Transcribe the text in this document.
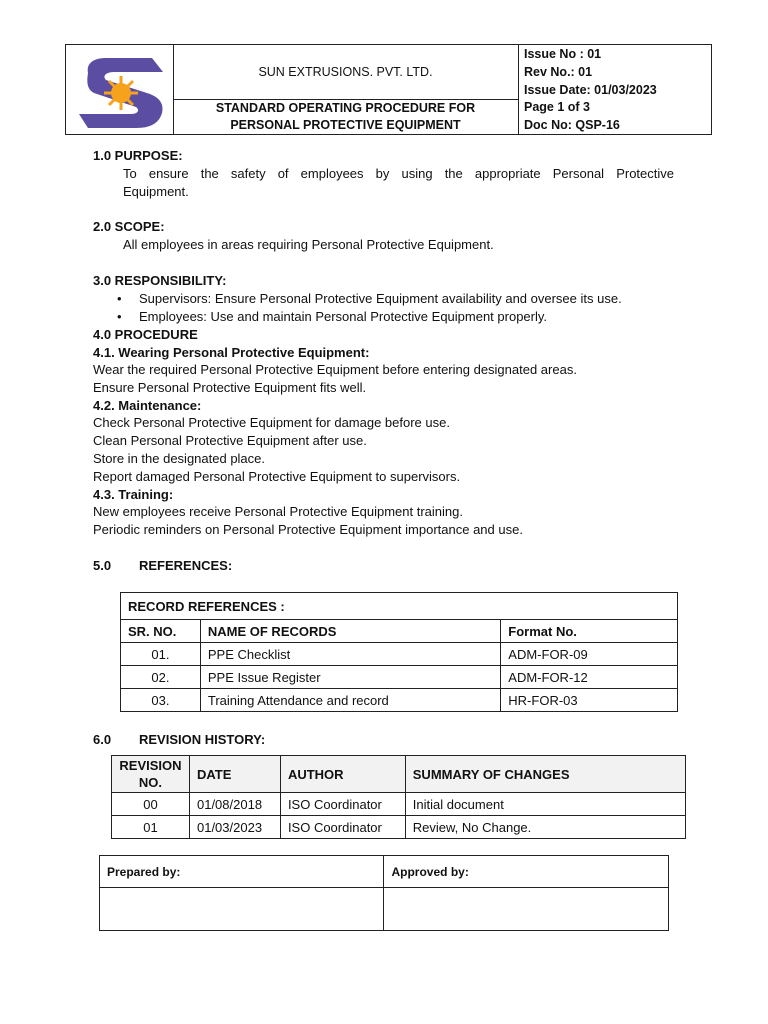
SUN EXTRUSIONS. PVT. LTD.
STANDARD OPERATING PROCEDURE FOR
PERSONAL PROTECTIVE EQUIPMENT
Issue No : 01
Rev No.: 01
Issue Date: 01/03/2023
Page 1 of 3
Doc No: QSP-16
1.0 PURPOSE:
To ensure the safety of employees by using the appropriate Personal Protective
Equipment.
2.0 SCOPE:
All employees in areas requiring Personal Protective Equipment.
3.0 RESPONSIBILITY:
•	Supervisors: Ensure Personal Protective Equipment availability and oversee its use.
•	Employees: Use and maintain Personal Protective Equipment properly.
4.0 PROCEDURE
4.1. Wearing Personal Protective Equipment:
Wear the required Personal Protective Equipment before entering designated areas.
Ensure Personal Protective Equipment fits well.
4.2. Maintenance:
Check Personal Protective Equipment for damage before use.
Clean Personal Protective Equipment after use.
Store in the designated place.
Report damaged Personal Protective Equipment to supervisors.
4.3. Training:
New employees receive Personal Protective Equipment training.
Periodic reminders on Personal Protective Equipment importance and use.
5.0 REFERENCES:
RECORD REFERENCES :		
SR. NO.	NAME OF RECORDS	Format No.
01.	PPE Checklist	ADM-FOR-09
02.	PPE Issue Register	ADM-FOR-12
03.	Training Attendance and record	HR-FOR-03
6.0 REVISION HISTORY:
REVISION
NO.	DATE	AUTHOR	SUMMARY OF CHANGES
00	01/08/2018	ISO Coordinator	Initial document
01	01/03/2023	ISO Coordinator	Review, No Change.
Prepared by:	Approved by:
